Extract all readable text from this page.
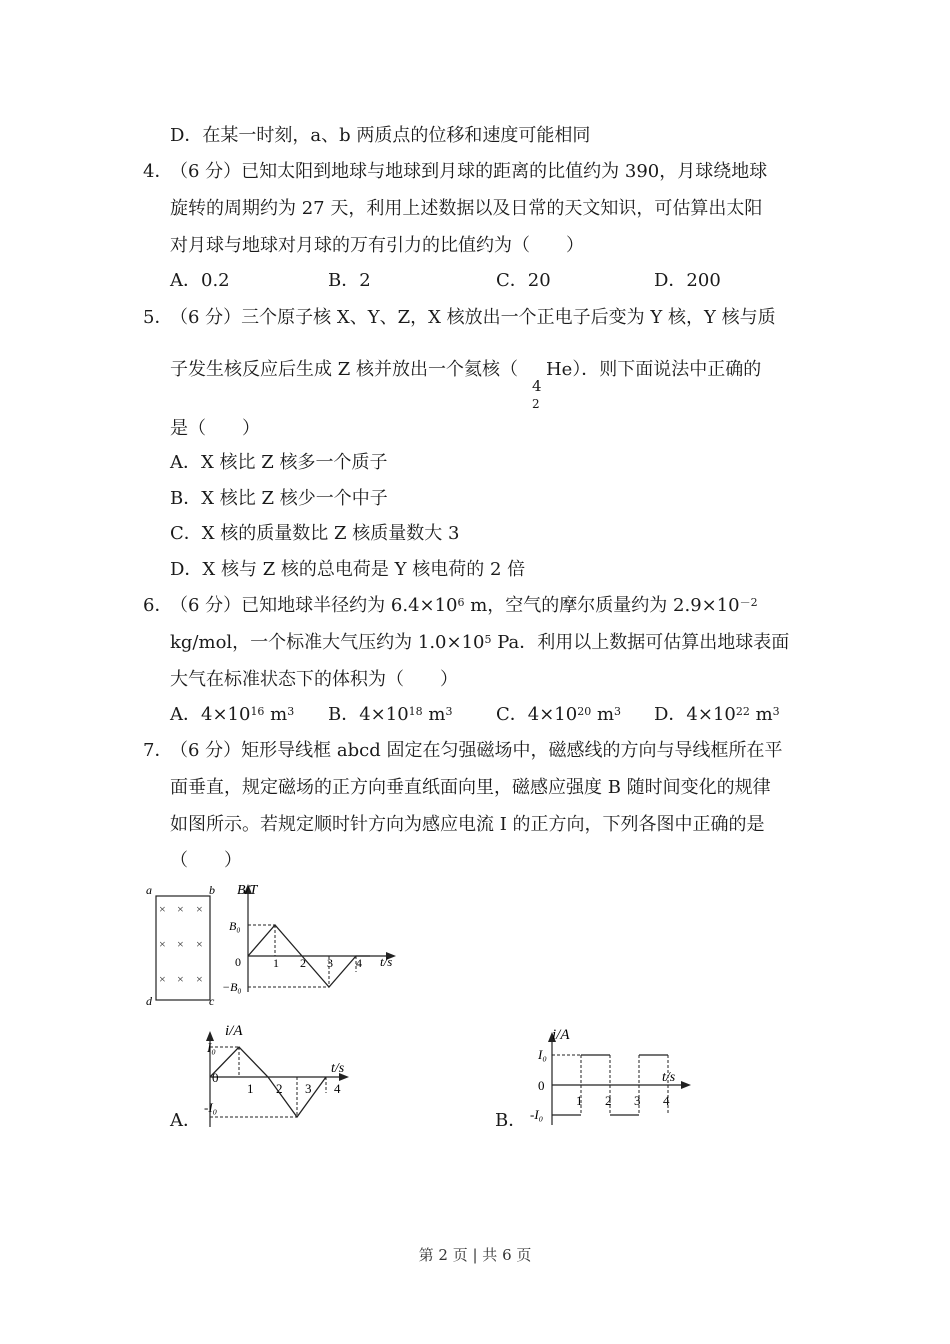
D．在某一时刻，a、b 两质点的位移和速度可能相同
4．
（6 分）已知太阳到地球与地球到月球的距离的比值约为 390，月球绕地球
旋转的周期约为 27 天，利用上述数据以及日常的天文知识，可估算出太阳
对月球与地球对月球的万有引力的比值约为（　　）
A．0.2	B．2	C．20	D．200
5．
（6 分）三个原子核 X、Y、Z，X 核放出一个正电子后变为 Y 核，Y 核与质
子发生核反应后生成 Z 核并放出一个氦核（
4
2
He）．则下面说法中正确的
是（　　）
A．X 核比 Z 核多一个质子
B．X 核比 Z 核少一个中子
C．X 核的质量数比 Z 核质量数大 3
D．X 核与 Z 核的总电荷是 Y 核电荷的 2 倍
6．
（6 分）已知地球半径约为 $6.4\times 10^6$ m，空气的摩尔质量约为 $2.9\times 10^{-2}$
kg/mol，一个标准大气压约为 $1.0\times 10^5$ Pa．利用以上数据可估算出地球表面
大气在标准状态下的体积为（　　）
A．$4\times 10^{16}$ $m^3$ B．$4\times 10^{18}$ $m^3$ C．$4\times 10^{20}$ $m^3$ D．$4\times 10^{22}$ $m^3$
7．
（6 分）矩形导线框 abcd 固定在匀强磁场中，磁感线的方向与导线框所在平
面垂直，规定磁场的正方向垂直纸面向里，磁感应强度 B 随时间变化的规律
如图所示。若规定顺时针方向为感应电流 I 的正方向，下列各图中正确的是
（　　）
a	b
c
d
× × ×
× × ×
× × ×
B/T
t/s
B₀
−B₀
0	1 2 3 4
A．
i/A
t/s
I₀
-I₀
0
1 2 3 4
B．
i/A
t/s
I₀
-I₀
0
1 2 3 4
第 2 页 | 共 6 页
